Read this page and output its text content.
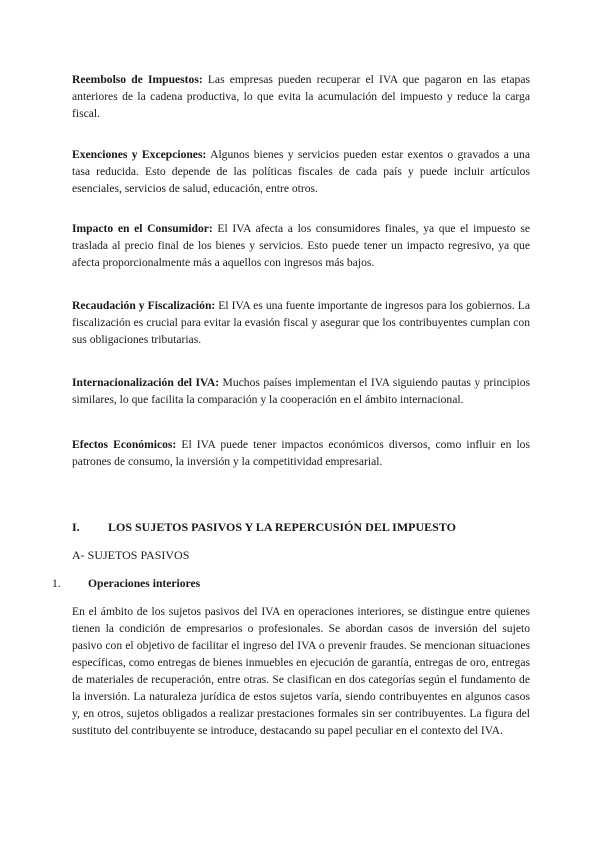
Reembolso de Impuestos: Las empresas pueden recuperar el IVA que pagaron en las etapas anteriores de la cadena productiva, lo que evita la acumulación del impuesto y reduce la carga fiscal.

Exenciones y Excepciones: Algunos bienes y servicios pueden estar exentos o gravados a una tasa reducida. Esto depende de las políticas fiscales de cada país y puede incluir artículos esenciales, servicios de salud, educación, entre otros.

Impacto en el Consumidor: El IVA afecta a los consumidores finales, ya que el impuesto se traslada al precio final de los bienes y servicios. Esto puede tener un impacto regresivo, ya que afecta proporcionalmente más a aquellos con ingresos más bajos.

Recaudación y Fiscalización: El IVA es una fuente importante de ingresos para los gobiernos. La fiscalización es crucial para evitar la evasión fiscal y asegurar que los contribuyentes cumplan con sus obligaciones tributarias.

Internacionalización del IVA: Muchos países implementan el IVA siguiendo pautas y principios similares, lo que facilita la comparación y la cooperación en el ámbito internacional.

Efectos Económicos: El IVA puede tener impactos económicos diversos, como influir en los patrones de consumo, la inversión y la competitividad empresarial.

I. LOS SUJETOS PASIVOS Y LA REPERCUSIÓN DEL IMPUESTO
A- SUJETOS PASIVOS
1. Operaciones interiores

En el ámbito de los sujetos pasivos del IVA en operaciones interiores, se distingue entre quienes tienen la condición de empresarios o profesionales. Se abordan casos de inversión del sujeto pasivo con el objetivo de facilitar el ingreso del IVA o prevenir fraudes. Se mencionan situaciones específicas, como entregas de bienes inmuebles en ejecución de garantía, entregas de oro, entregas de materiales de recuperación, entre otras. Se clasifican en dos categorías según el fundamento de la inversión. La naturaleza jurídica de estos sujetos varía, siendo contribuyentes en algunos casos y, en otros, sujetos obligados a realizar prestaciones formales sin ser contribuyentes. La figura del sustituto del contribuyente se introduce, destacando su papel peculiar en el contexto del IVA.
